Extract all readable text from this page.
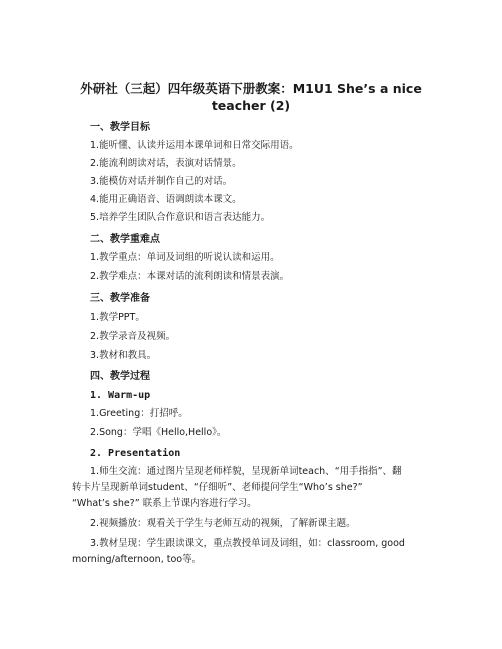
外研社（三起）四年级英语下册教案：M1U1 She’s a nice
teacher (2)
一、教学目标
1.能听懂、认读并运用本课单词和日常交际用语。
2.能流利朗读对话，表演对话情景。
3.能模仿对话并制作自己的对话。
4.能用正确语音、语调朗读本课文。
5.培养学生团队合作意识和语言表达能力。
二、教学重难点
1.教学重点：单词及词组的听说认读和运用。
2.教学难点：本课对话的流利朗读和情景表演。
三、教学准备
1.教学PPT。
2.教学录音及视频。
3.教材和教具。
四、教学过程
1. Warm-up
1.Greeting：打招呼。
2.Song：学唱《Hello,Hello》。
2. Presentation
1.师生交流：通过图片呈现老师样貌，呈现新单词teach、“用手指指”、翻
转卡片呈现新单词student、“仔细听”、老师提问学生“Who’s she?”
“What’s she?” 联系上节课内容进行学习。
2.视频播放：观看关于学生与老师互动的视频，了解新课主题。
3.教材呈现：学生跟读课文，重点教授单词及词组，如：classroom, good
morning/afternoon, too等。
